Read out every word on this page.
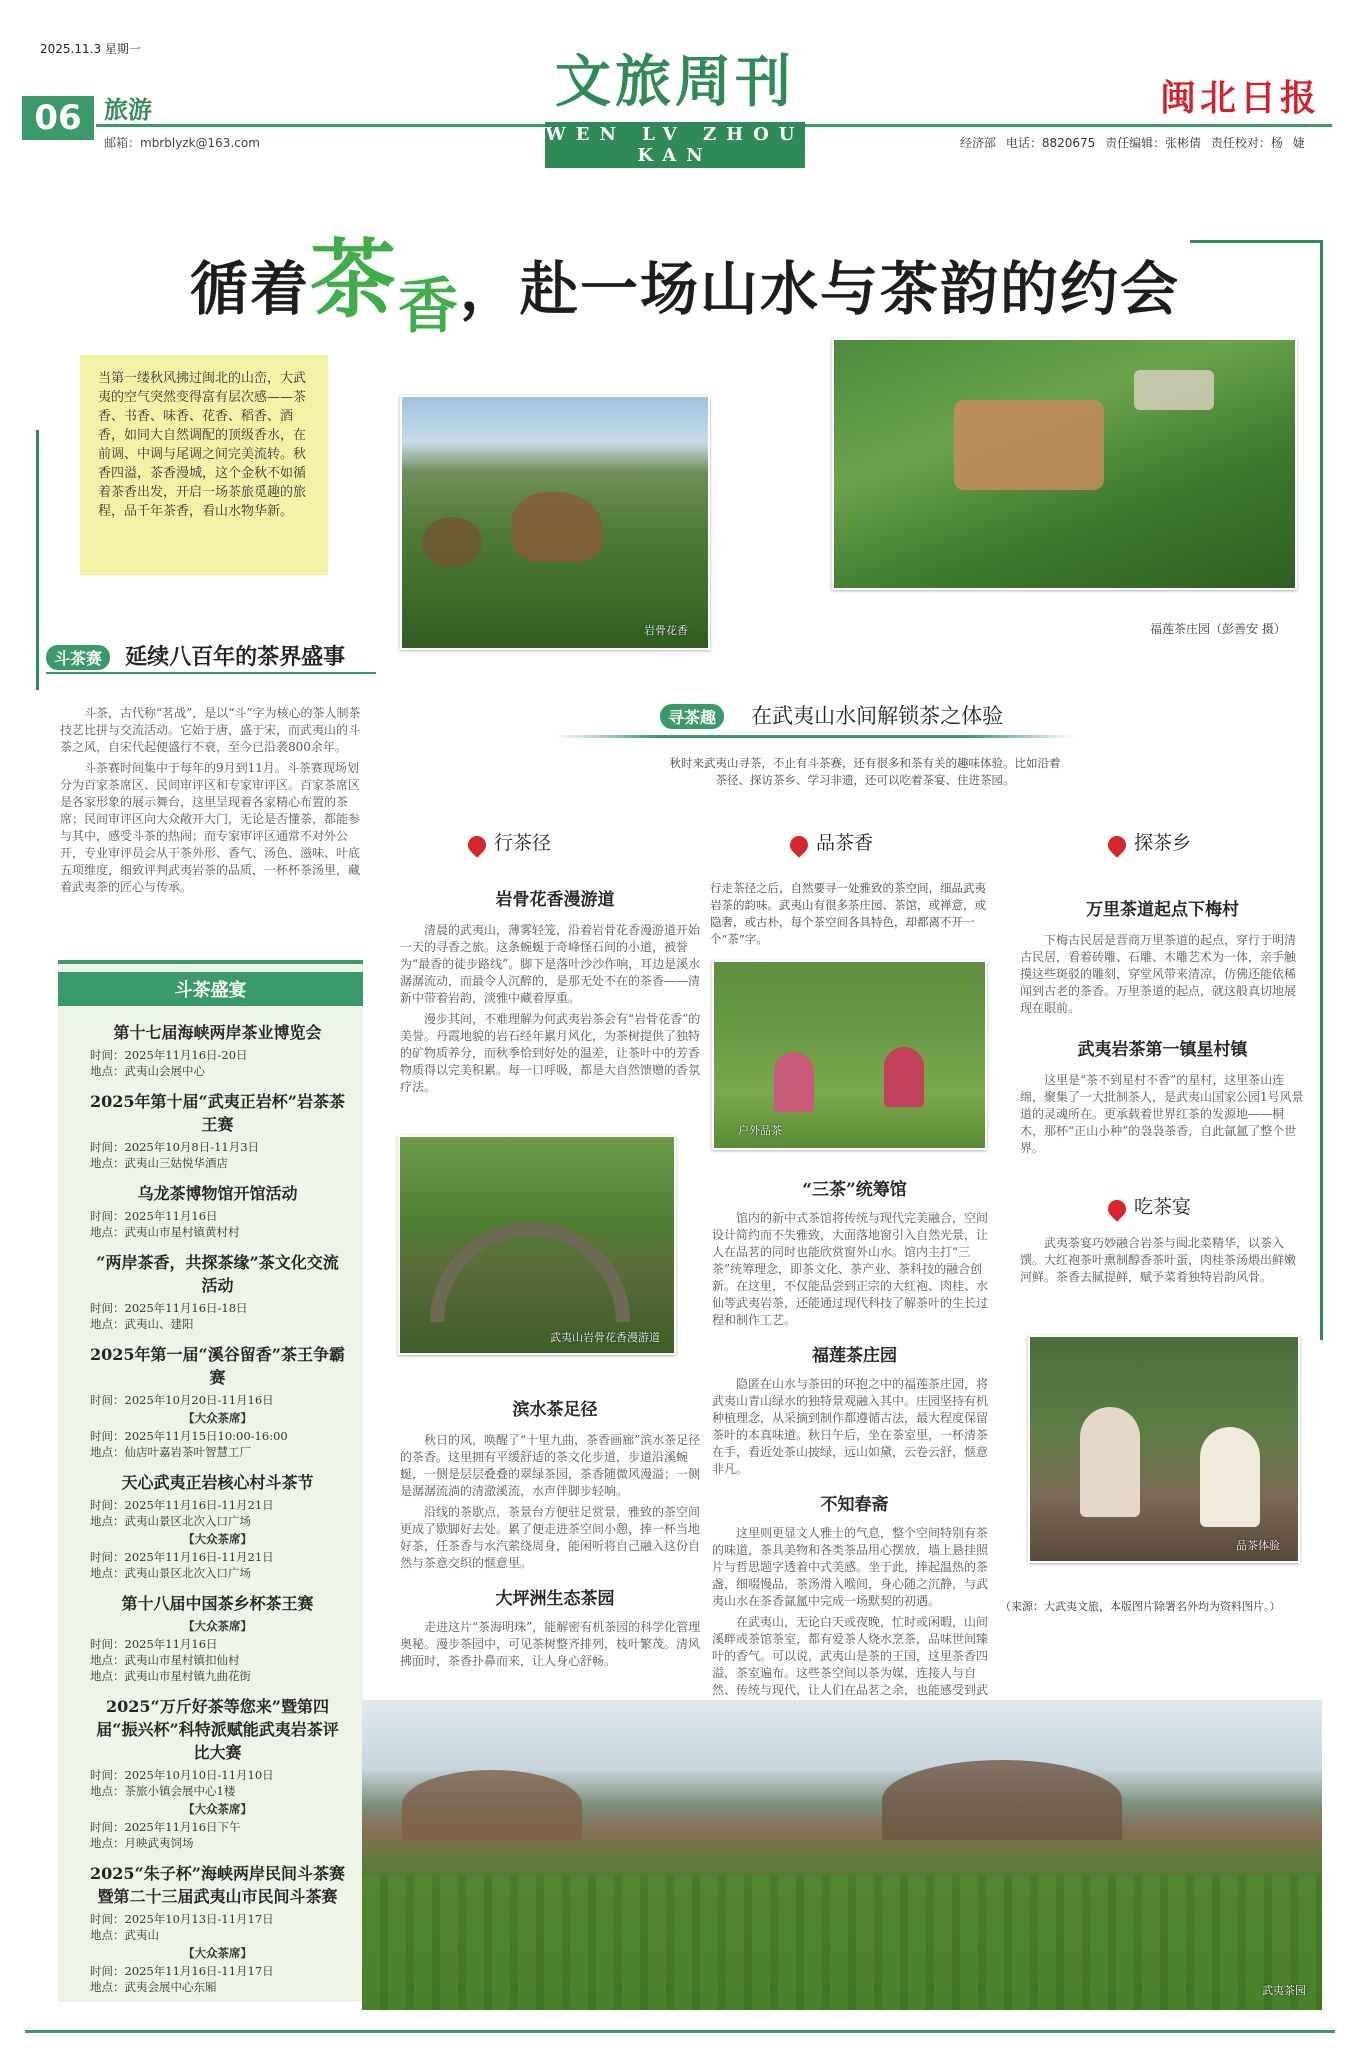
2025.11.3 星期一
06 旅游
邮箱：mbrblyzk@163.com
文旅周刊
WEN LV ZHOU KAN
闽北日报
经济部 电话：8820675 责任编辑：张彬倩 责任校对：杨 婕
循着茶香，赴一场山水与茶韵的约会
当第一缕秋风拂过闽北的山峦，大武夷的空气突然变得富有层次感——茶香、书香、味香、花香、稻香、酒香，如同大自然调配的顶级香水，在前调、中调与尾调之间完美流转。秋香四溢，茶香漫城，这个金秋不如循着茶香出发，开启一场茶旅觅趣的旅程，品千年茶香，看山水物华新。
岩骨花香	福莲茶庄园（彭善安 摄）
斗茶赛 延续八百年的茶界盛事

斗茶，古代称“茗战”，是以“斗”字为核心的茶人制茶技艺比拼与交流活动。它始于唐，盛于宋，而武夷山的斗茶之风，自宋代起便盛行不衰，至今已沿袭800余年。

斗茶赛时间集中于每年的9月到11月。斗茶赛现场划分为百家茶席区、民间审评区和专家审评区。百家茶席区是各家形象的展示舞台，这里呈现着各家精心布置的茶席；民间审评区向大众敞开大门，无论是否懂茶，都能参与其中，感受斗茶的热闹；而专家审评区通常不对外公开，专业审评员会从干茶外形、香气、汤色、滋味、叶底五项维度，细致评判武夷岩茶的品质，一杯杯茶汤里，藏着武夷茶的匠心与传承。

斗茶盛宴
第十七届海峡两岸茶业博览会
时间：2025年11月16日-20日
地点：武夷山会展中心
2025年第十届“武夷正岩杯”岩茶茶王赛
时间：2025年10月8日-11月3日
地点：武夷山三姑悦华酒店
乌龙茶博物馆开馆活动
时间：2025年11月16日
地点：武夷山市星村镇黄村村
“两岸茶香，共探茶缘”茶文化交流活动
时间：2025年11月16日-18日
地点：武夷山、建阳
2025年第一届“溪谷留香”茶王争霸赛
时间：2025年10月20日-11月16日
【大众茶席】
时间：2025年11月15日10:00-16:00
地点：仙店叶嘉岩茶叶智慧工厂
天心武夷正岩核心村斗茶节
时间：2025年11月16日-11月21日
地点：武夷山景区北次入口广场
【大众茶席】
时间：2025年11月16日-11月21日
地点：武夷山景区北次入口广场
第十八届中国茶乡杯茶王赛
【大众茶席】
时间：2025年11月16日
地点：武夷山市星村镇扣仙村
地点：武夷山市星村镇九曲花街
2025“万斤好茶等您来”暨第四届“振兴杯”科特派赋能武夷岩茶评比大赛
时间：2025年10月10日-11月10日
地点：茶旅小镇会展中心1楼
【大众茶席】
时间：2025年11月16日下午
地点：月映武夷饲场
2025“朱子杯”海峡两岸民间斗茶赛暨第二十三届武夷山市民间斗茶赛
时间：2025年10月13日-11月17日
地点：武夷山
【大众茶席】
时间：2025年11月16日-11月17日
地点：武夷会展中心东厢
寻茶趣 在武夷山水间解锁茶之体验
秋时来武夷山寻茶，不止有斗茶赛，还有很多和茶有关的趣味体验。比如沿着茶径、探访茶乡、学习非遗，还可以吃着茶宴、住进茶园。
行茶径
岩骨花香漫游道

清晨的武夷山，薄雾轻笼，沿着岩骨花香漫游道开始一天的寻香之旅。这条蜿蜒于奇峰怪石间的小道，被誉为“最香的徒步路线”。脚下是落叶沙沙作响，耳边是溪水潺潺流动，而最令人沉醉的，是那无处不在的茶香——清新中带着岩韵，淡雅中藏着厚重。

漫步其间，不难理解为何武夷岩茶会有“岩骨花香”的美誉。丹霞地貌的岩石经年累月风化，为茶树提供了独特的矿物质养分，而秋季恰到好处的温差，让茶叶中的芳香物质得以完美积累。每一口呼吸，都是大自然馈赠的香氛疗法。

武夷山岩骨花香漫游道
滨水茶足径

秋日的风，唤醒了“十里九曲，茶香画廊”滨水茶足径的茶香。这里拥有平缓舒适的茶文化步道，步道沿溪蜿蜒，一侧是层层叠叠的翠绿茶园，茶香随微风漫溢；一侧是潺潺流淌的清澈溪流，水声伴脚步轻响。

沿线的茶歇点，茶景台方便驻足赏景，雅致的茶空间更成了歇脚好去处。累了便走进茶空间小憩，捧一杯当地好茶，任茶香与水汽萦绕周身，能闲听将自己融入这份自然与茶意交织的惬意里。

大坪洲生态茶园

走进这片“茶海明珠”，能解密有机茶园的科学化管理奥秘。漫步茶园中，可见茶树整齐排列，枝叶繁茂。清风拂面时，茶香扑鼻而来，让人身心舒畅。

品茶香
行走茶径之后，自然要寻一处雅致的茶空间，细品武夷岩茶的韵味。武夷山有很多茶庄园、茶馆，或禅意，或隐奢，或古朴，每个茶空间各具特色，却都离不开一个“茶”字。
户外品茶
“三茶”统筹馆

馆内的新中式茶馆将传统与现代完美融合，空间设计简约而不失雅致，大面落地窗引入自然光景，让人在品茗的同时也能欣赏窗外山水。馆内主打“三茶”统筹理念，即茶文化、茶产业、茶科技的融合创新。在这里，不仅能品尝到正宗的大红袍、肉桂、水仙等武夷岩茶，还能通过现代科技了解茶叶的生长过程和制作工艺。

福莲茶庄园

隐匿在山水与茶田的环抱之中的福莲茶庄园，将武夷山青山绿水的独特景观融入其中。庄园坚持有机种植理念，从采摘到制作都遵循古法，最大程度保留茶叶的本真味道。秋日午后，坐在茶室里，一杯清茶在手，看近处茶山披绿，远山如黛，云卷云舒，惬意非凡。

不知春斋

这里则更显文人雅士的气息，整个空间特别有茶的味道，茶具美物和各类茶品用心摆放，墙上悬挂照片与哲思题字透着中式美感。坐于此，捧起温热的茶盏，细啜慢品，茶汤滑入喉间，身心随之沉静，与武夷山水在茶香氤氲中完成一场默契的初遇。

在武夷山，无论白天或夜晚，忙时或闲暇，山间溪畔或茶馆茶室，都有爱茶人烧水烹茶，品味世间臻叶的香气。可以说，武夷山是茶的王国，这里茶香四溢，茶室遍布。这些茶空间以茶为媒，连接人与自然、传统与现代，让人们在品茗之余，也能感受到武

探茶乡
万里茶道起点下梅村

下梅古民居是晋商万里茶道的起点，穿行于明清古民居，看着砖雕、石雕、木雕艺术为一体，亲手触摸这些斑驳的雕刻，穿堂风带来清凉，仿佛还能依稀闻到古老的茶香。万里茶道的起点，就这般真切地展现在眼前。

武夷岩茶第一镇星村镇

这里是“茶不到星村不香”的星村，这里茶山连绵，聚集了一大批制茶人，是武夷山国家公园1号风景道的灵魂所在。更承载着世界红茶的发源地——桐木，那杯“正山小种”的袅袅茶香，自此氤氲了整个世界。

吃茶宴

武夷茶宴巧妙融合岩茶与闽北菜精华，以茶入馔。大红袍茶叶熏制醇香茶叶蛋，肉桂茶汤煨出鲜嫩河鲜。茶香去腻提鲜，赋予菜肴独特岩韵风骨。

品茶体验
（来源：大武夷文旅，本版图片除署名外均为资料图片。）
武夷茶园
